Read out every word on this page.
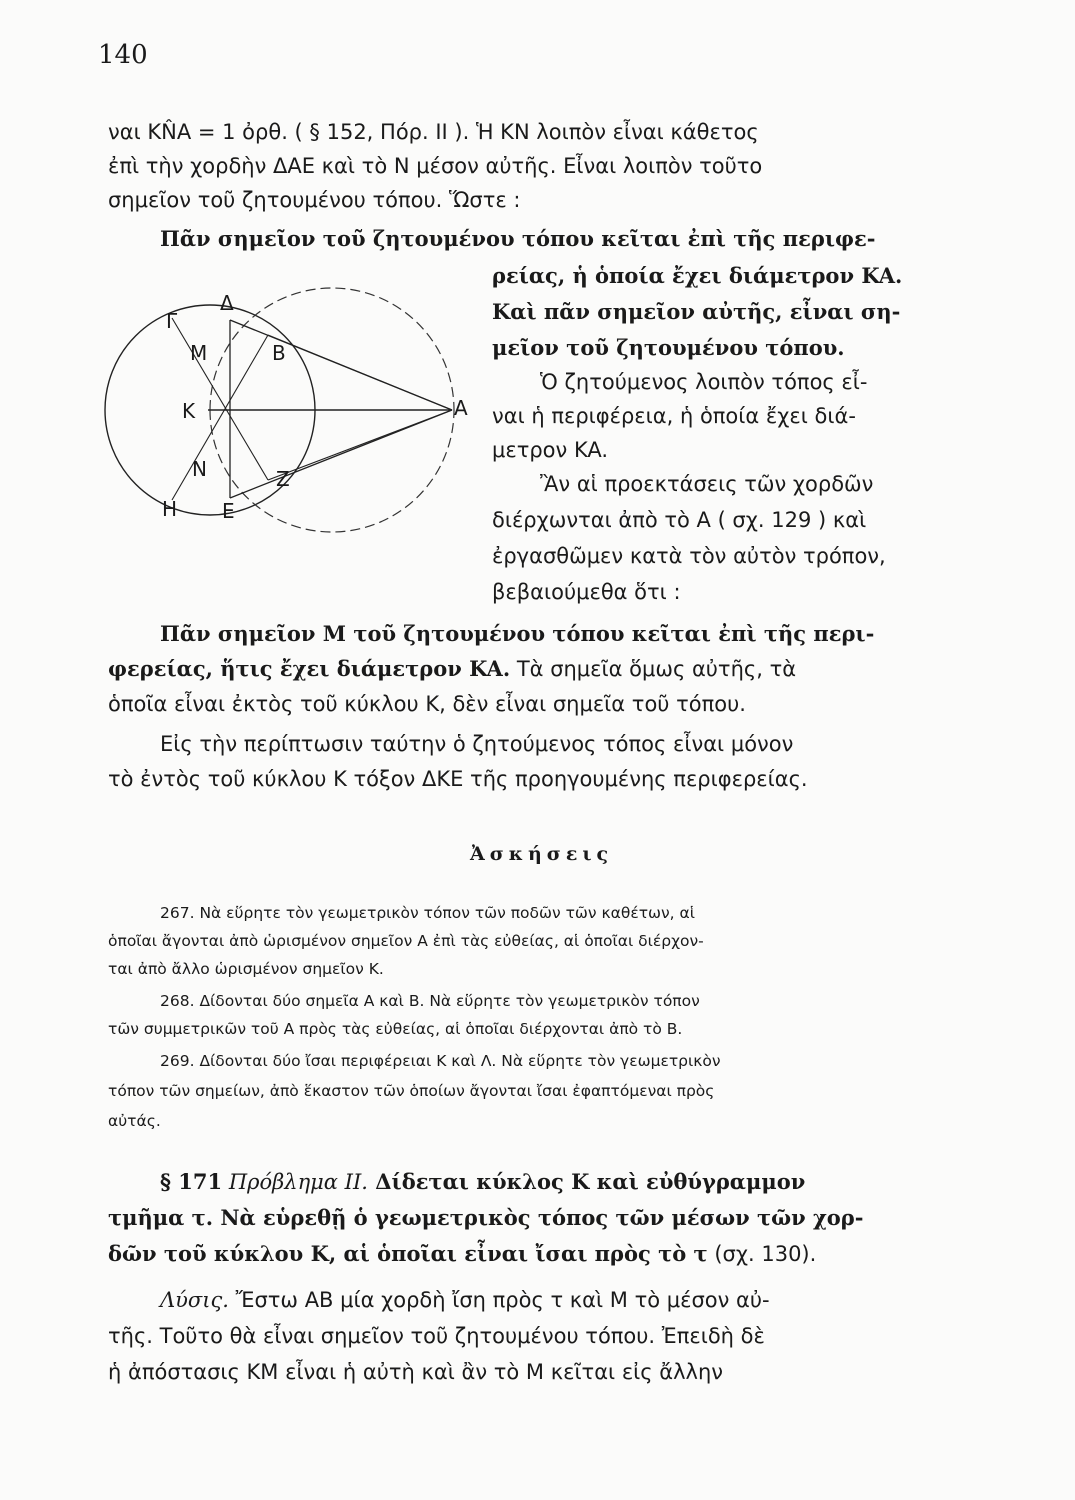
140
ναι KN̂A = 1 ὀρθ. ( § 152, Πόρ. II ). Ἡ KN λοιπὸν εἶναι κάθετος
ἐπὶ τὴν χορδὴν ΔΑΕ καὶ τὸ N μέσον αὐτῆς. Εἶναι λοιπὸν τοῦτο
σημεῖον τοῦ ζητουμένου τόπου. Ὥστε :
Πᾶν σημεῖον τοῦ ζητουμένου τόπου κεῖται ἐπὶ τῆς περιφε-
Γ
Δ
M	B
K	A
N	Z
H E
ρείας, ἡ ὁποία ἔχει διάμετρον KA.
Καὶ πᾶν σημεῖον αὐτῆς, εἶναι ση-
μεῖον τοῦ ζητουμένου τόπου.
Ὁ ζητούμενος λοιπὸν τόπος εἶ-
ναι ἡ περιφέρεια, ἡ ὁποία ἔχει διά-
μετρον KA.
Ἂν αἱ προεκτάσεις τῶν χορδῶν
διέρχωνται ἀπὸ τὸ A ( σχ. 129 ) καὶ
ἐργασθῶμεν κατὰ τὸν αὐτὸν τρόπον,
βεβαιούμεθα ὅτι :
Πᾶν σημεῖον M τοῦ ζητουμένου τόπου κεῖται ἐπὶ τῆς περι-
φερείας, ἥτις ἔχει διάμετρον KA. Τὰ σημεῖα ὅμως αὐτῆς, τὰ
ὁποῖα εἶναι ἐκτὸς τοῦ κύκλου K, δὲν εἶναι σημεῖα τοῦ τόπου.
Εἰς τὴν περίπτωσιν ταύτην ὁ ζητούμενος τόπος εἶναι μόνον
τὸ ἐντὸς τοῦ κύκλου K τόξον ΔKE τῆς προηγουμένης περιφερείας.
Ἀσκήσεις
267. Νὰ εὕρητε τὸν γεωμετρικὸν τόπον τῶν ποδῶν τῶν καθέτων, αἱ
ὁποῖαι ἄγονται ἀπὸ ὡρισμένον σημεῖον A ἐπὶ τὰς εὐθείας, αἱ ὁποῖαι διέρχον-
ται ἀπὸ ἄλλο ὡρισμένον σημεῖον K.
268. Δίδονται δύο σημεῖα A καὶ B. Νὰ εὕρητε τὸν γεωμετρικὸν τόπον
τῶν συμμετρικῶν τοῦ A πρὸς τὰς εὐθείας, αἱ ὁποῖαι διέρχονται ἀπὸ τὸ B.
269. Δίδονται δύο ἴσαι περιφέρειαι K καὶ Λ. Νὰ εὕρητε τὸν γεωμετρικὸν
τόπον τῶν σημείων, ἀπὸ ἕκαστον τῶν ὁποίων ἄγονται ἴσαι ἐφαπτόμεναι πρὸς
αὐτάς.
§ 171 Πρόβλημα II. Δίδεται κύκλος K καὶ εὐθύγραμμον
τμῆμα τ. Νὰ εὑρεθῇ ὁ γεωμετρικὸς τόπος τῶν μέσων τῶν χορ-
δῶν τοῦ κύκλου K, αἱ ὁποῖαι εἶναι ἴσαι πρὸς τὸ τ (σχ. 130).
Λύσις. Ἔστω AB μία χορδὴ ἴση πρὸς τ καὶ M τὸ μέσον αὐ-
τῆς. Τοῦτο θὰ εἶναι σημεῖον τοῦ ζητουμένου τόπου. Ἐπειδὴ δὲ
ἡ ἀπόστασις KM εἶναι ἡ αὐτὴ καὶ ἂν τὸ M κεῖται εἰς ἄλλην
